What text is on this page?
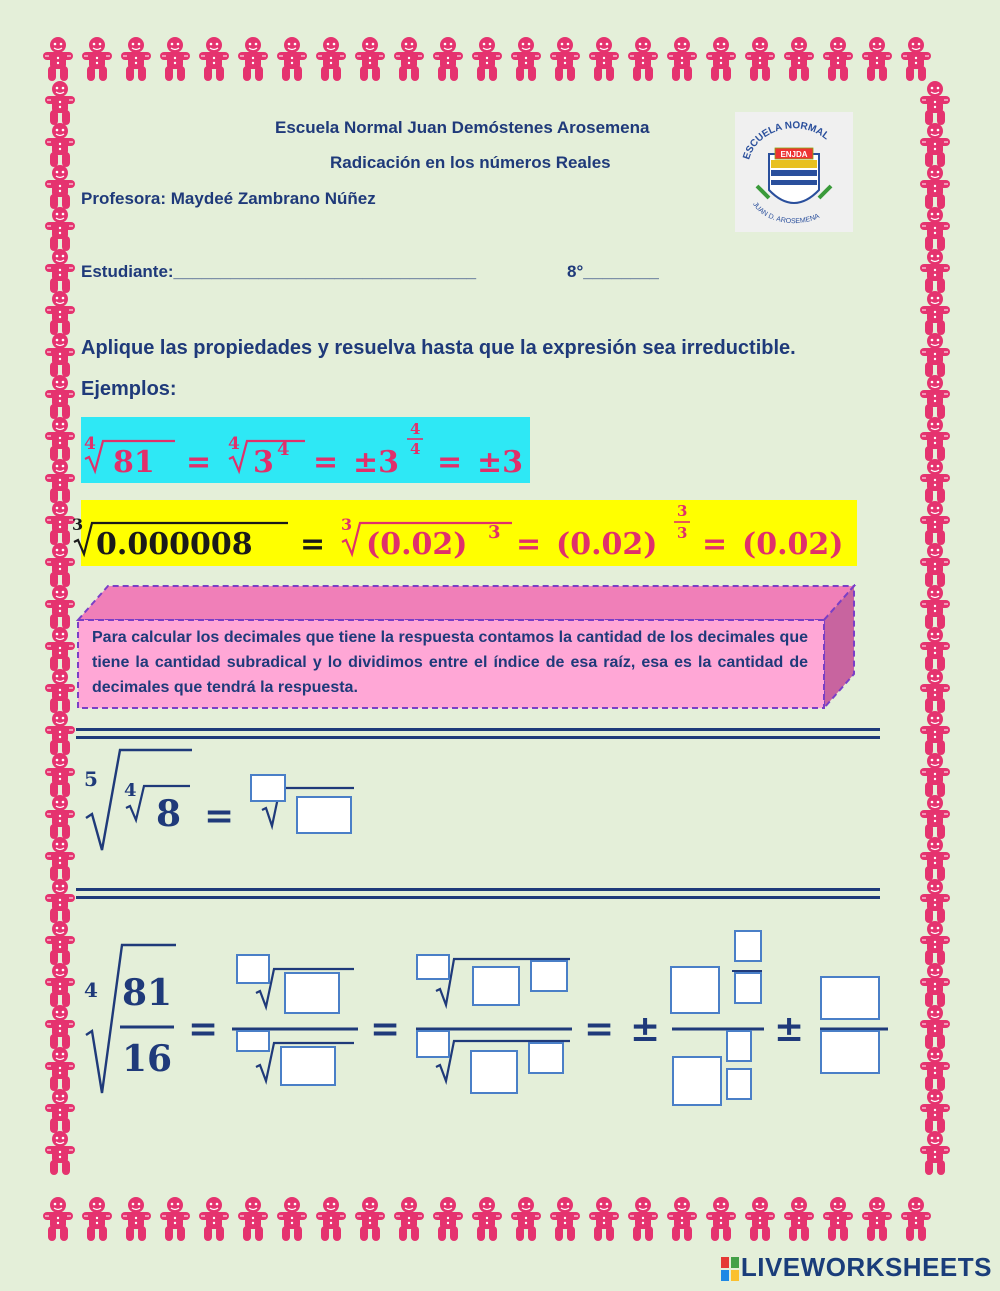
Escuela Normal Juan Demóstenes Arosemena
Radicación en los números Reales
Profesora: Maydeé Zambrano Núñez
Estudiante:________________________________	8°________
ESCUELA NORMAL
ENJDA
JUAN D. AROSEMENA
Aplique las propiedades y resuelva hasta que la expresión sea irreductible.
Ejemplos:
4
81 =
4
3 4 = ±3
4
4 = ±3
3
0.000008 =
3
(0.02) 3 = (0.02)
3
3 = (0.02)
Para calcular los decimales que tiene la respuesta contamos la cantidad de los decimales que tiene la cantidad subradical y lo dividimos entre el índice de esa raíz, esa es la cantidad de decimales que tendrá la respuesta.
5 4
8 =
4 81
16
=	=	= ±	±
LIVEWORKSHEETS
